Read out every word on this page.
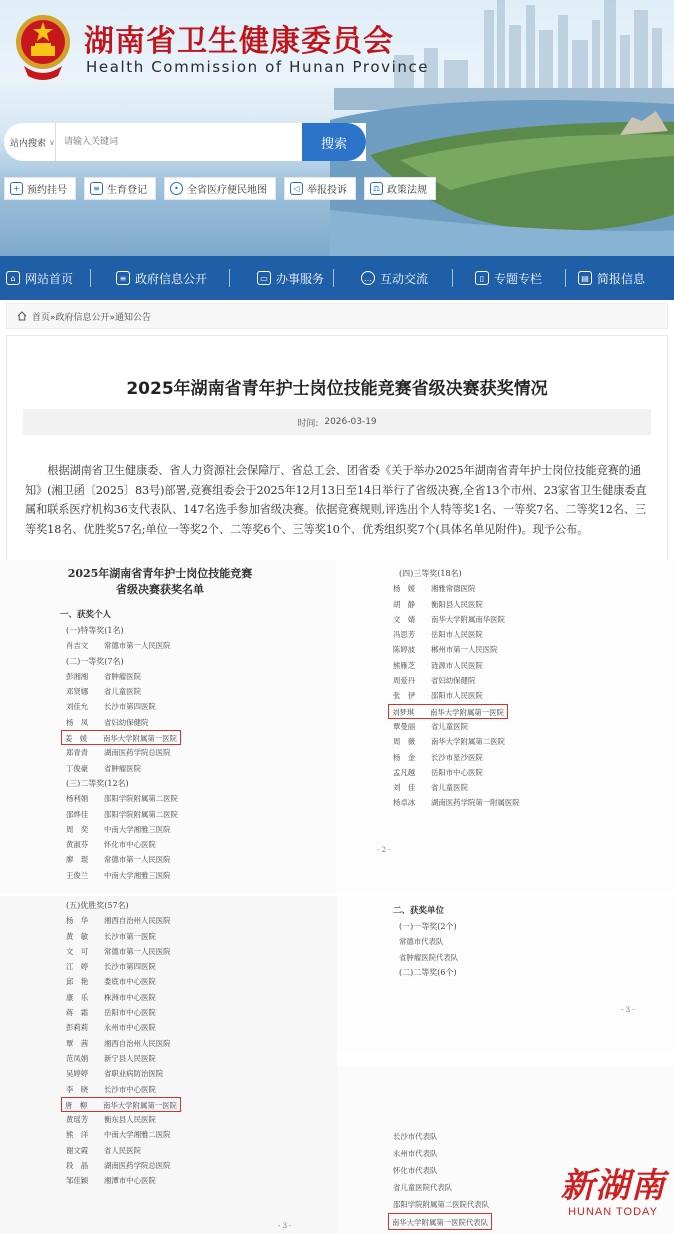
湖南省卫生健康委员会
Health Commission of Hunan Province
站内搜索 ∨
请输入关键词	搜索
+ 预约挂号	≡ 生育登记	• 全省医疗便民地图	◁ 举报投诉	⚖ 政策法规
⌂ 网站首页	≡ 政府信息公开	▭ 办事服务	… 互动交流	▯ 专题专栏	▤ 简报信息
首页»政府信息公开»通知公告
2025年湖南省青年护士岗位技能竞赛省级决赛获奖情况
时间: 2026-03-19
根据湖南省卫生健康委、省人力资源社会保障厅、省总工会、团省委《关于举办2025年湖南省青年护士岗位技能竞赛的通知》(湘卫函〔2025〕83号)部署,竞赛组委会于2025年12月13日至14日举行了省级决赛,全省13个市州、23家省卫生健康委直属和联系医疗机构36支代表队、147名选手参加省级决赛。依据竞赛规则,评选出个人特等奖1名、一等奖7名、二等奖12名、三等奖18名、优胜奖57名;单位一等奖2个、二等奖6个、三等奖10个、优秀组织奖7个(具体名单见附件)。现予公布。
2025年湖南省青年护士岗位技能竞赛
省级决赛获奖名单
一、获奖个人
(一)特等奖(1名)
肖吉文 常德市第一人民医院
(二)一等奖(7名)
彭湘湘 省肿瘤医院
邓贤娜 省儿童医院
刘佳允 长沙市第四医院
杨　凤 省妇幼保健院
姜　媛	南华大学附属第一医院
郑青青 湖南医药学院总医院
丁俊豪 省肿瘤医院
(三)二等奖(12名)
杨利娟 邵阳学院附属第二医院
邵烨佳 邵阳学院附属第二医院
周　奕 中南大学湘雅三医院
黄淑芬 怀化市中心医院
廖　琨 常德市第一人民医院
王俊兰 中南大学湘雅三医院
(四)三等奖(18名)
杨　媛 湘雅常德医院
胡　静 衡阳县人民医院
文　婧 南华大学附属南华医院
冯思芳 岳阳市人民医院
陈婷波 郴州市第一人民医院
熊雁芝 涟源市人民医院
周爱丹 省妇幼保健院
张　伊 邵阳市人民医院
刘梦琪	南华大学附属第一医院
覃曼丽 省儿童医院
周　薇 南华大学附属第二医院
杨　金 长沙市星沙医院
孟凡越 岳阳市中心医院
刘　佳 省儿童医院
杨卓冰 湖南医药学院第一附属医院
- 2 -
(五)优胜奖(57名)
杨　华 湘西自治州人民医院
黄　敏 长沙市第一医院
文　可 常德市第一人民医院
江　婷 长沙市第四医院
邱　艳 娄底市中心医院
康　乐 株洲市中心医院
蒋　霜 岳阳市中心医院
彭莉莉 永州市中心医院
覃　茜 湘西自治州人民医院
范凤娟 新宁县人民医院
吴婷婷 省职业病防治医院
李　晓 长沙市中心医院
唐　柳	南华大学附属第一医院
黄瑶芳 衡东县人民医院
熊　洋 中南大学湘雅二医院
谢文霞 省人民医院
段　晶 湖南医药学院总医院
邹佳颖 湘潭市中心医院
- 3 -
二、获奖单位
(一)一等奖(2个)
常德市代表队
省肿瘤医院代表队
(二)二等奖(6个)
- 3 -
长沙市代表队
永州市代表队
怀化市代表队
省儿童医院代表队
邵阳学院附属第二医院代表队
南华大学附属第一医院代表队
新湖南
HUNAN TODAY
